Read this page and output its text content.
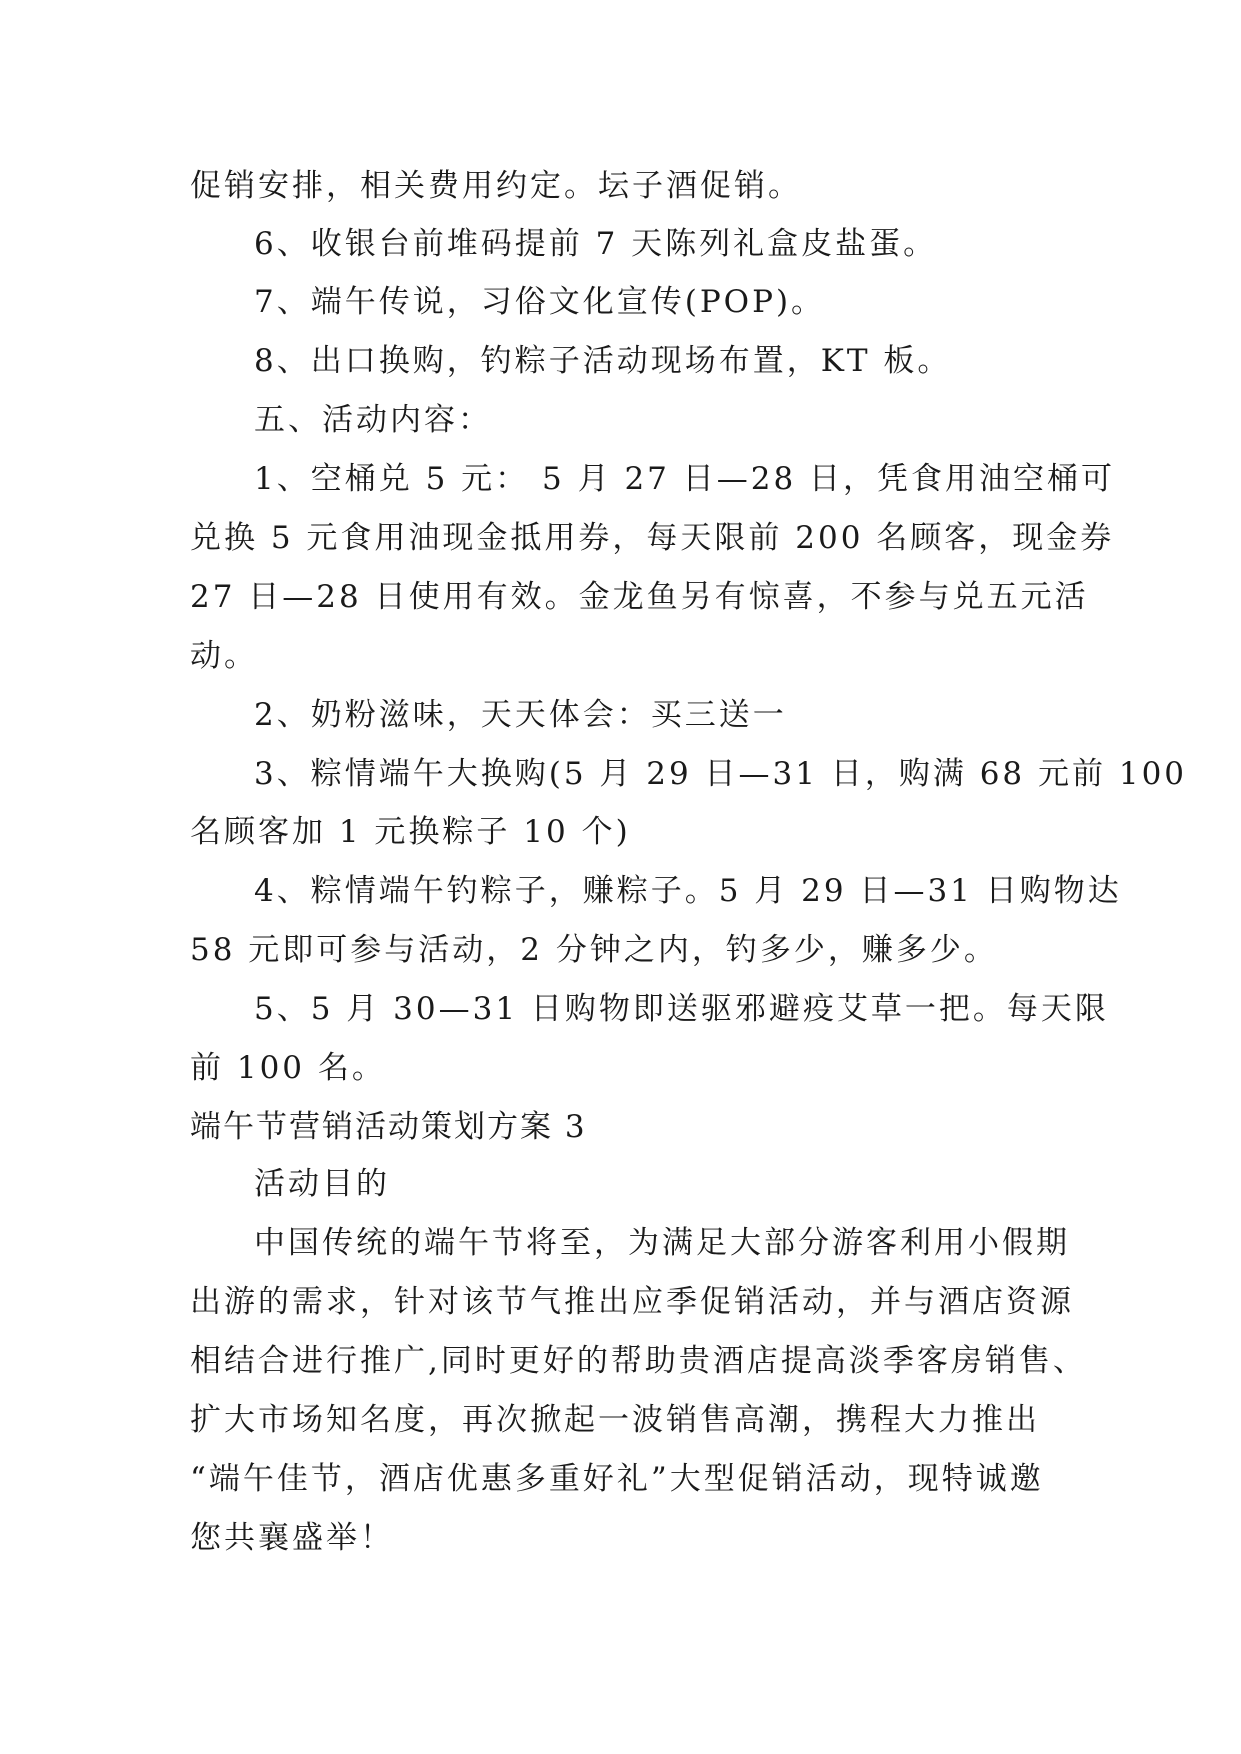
促销安排，相关费用约定。坛子酒促销。
6、收银台前堆码提前 7 天陈列礼盒皮盐蛋。
7、端午传说，习俗文化宣传(POP)。
8、出口换购，钓粽子活动现场布置，KT 板。
五、活动内容：
1、空桶兑 5 元： 5 月 27 日—28 日，凭食用油空桶可
兑换 5 元食用油现金抵用券，每天限前 200 名顾客，现金券
27 日—28 日使用有效。金龙鱼另有惊喜，不参与兑五元活
动。
2、奶粉滋味，天天体会：买三送一
3、粽情端午大换购(5 月 29 日—31 日，购满 68 元前 100
名顾客加 1 元换粽子 10 个)
4、粽情端午钓粽子，赚粽子。5 月 29 日—31 日购物达
58 元即可参与活动，2 分钟之内，钓多少，赚多少。
5、5 月 30—31 日购物即送驱邪避疫艾草一把。每天限
前 100 名。
端午节营销活动策划方案 3
活动目的
中国传统的端午节将至，为满足大部分游客利用小假期
出游的需求，针对该节气推出应季促销活动，并与酒店资源
相结合进行推广,同时更好的帮助贵酒店提高淡季客房销售、
扩大市场知名度，再次掀起一波销售高潮，携程大力推出
“端午佳节，酒店优惠多重好礼”大型促销活动，现特诚邀
您共襄盛举！
